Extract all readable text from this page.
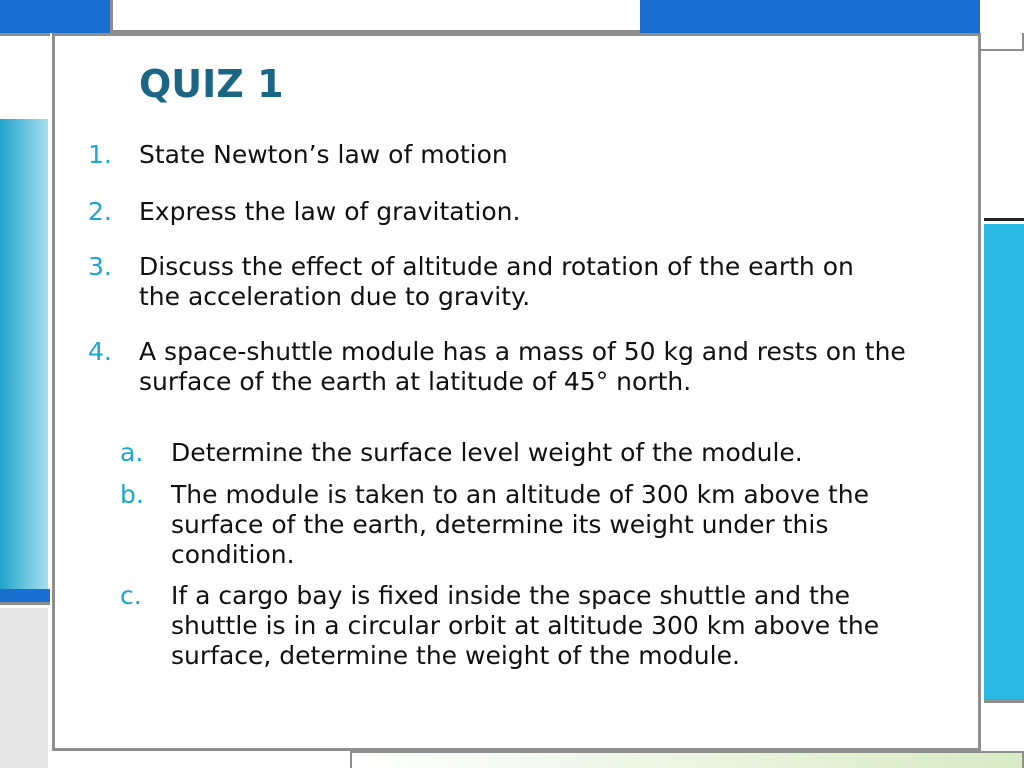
QUIZ 1
1. State Newton’s law of motion
2. Express the law of gravitation.
3. Discuss the effect of altitude and rotation of the earth on the acceleration due to gravity.
4. A space-shuttle module has a mass of 50 kg and rests on the surface of the earth at latitude of 45° north.
a. Determine the surface level weight of the module.
b. The module is taken to an altitude of 300 km above the surface of the earth, determine its weight under this condition.
c. If a cargo bay is fixed inside the space shuttle and the shuttle is in a circular orbit at altitude 300 km above the surface, determine the weight of the module.
